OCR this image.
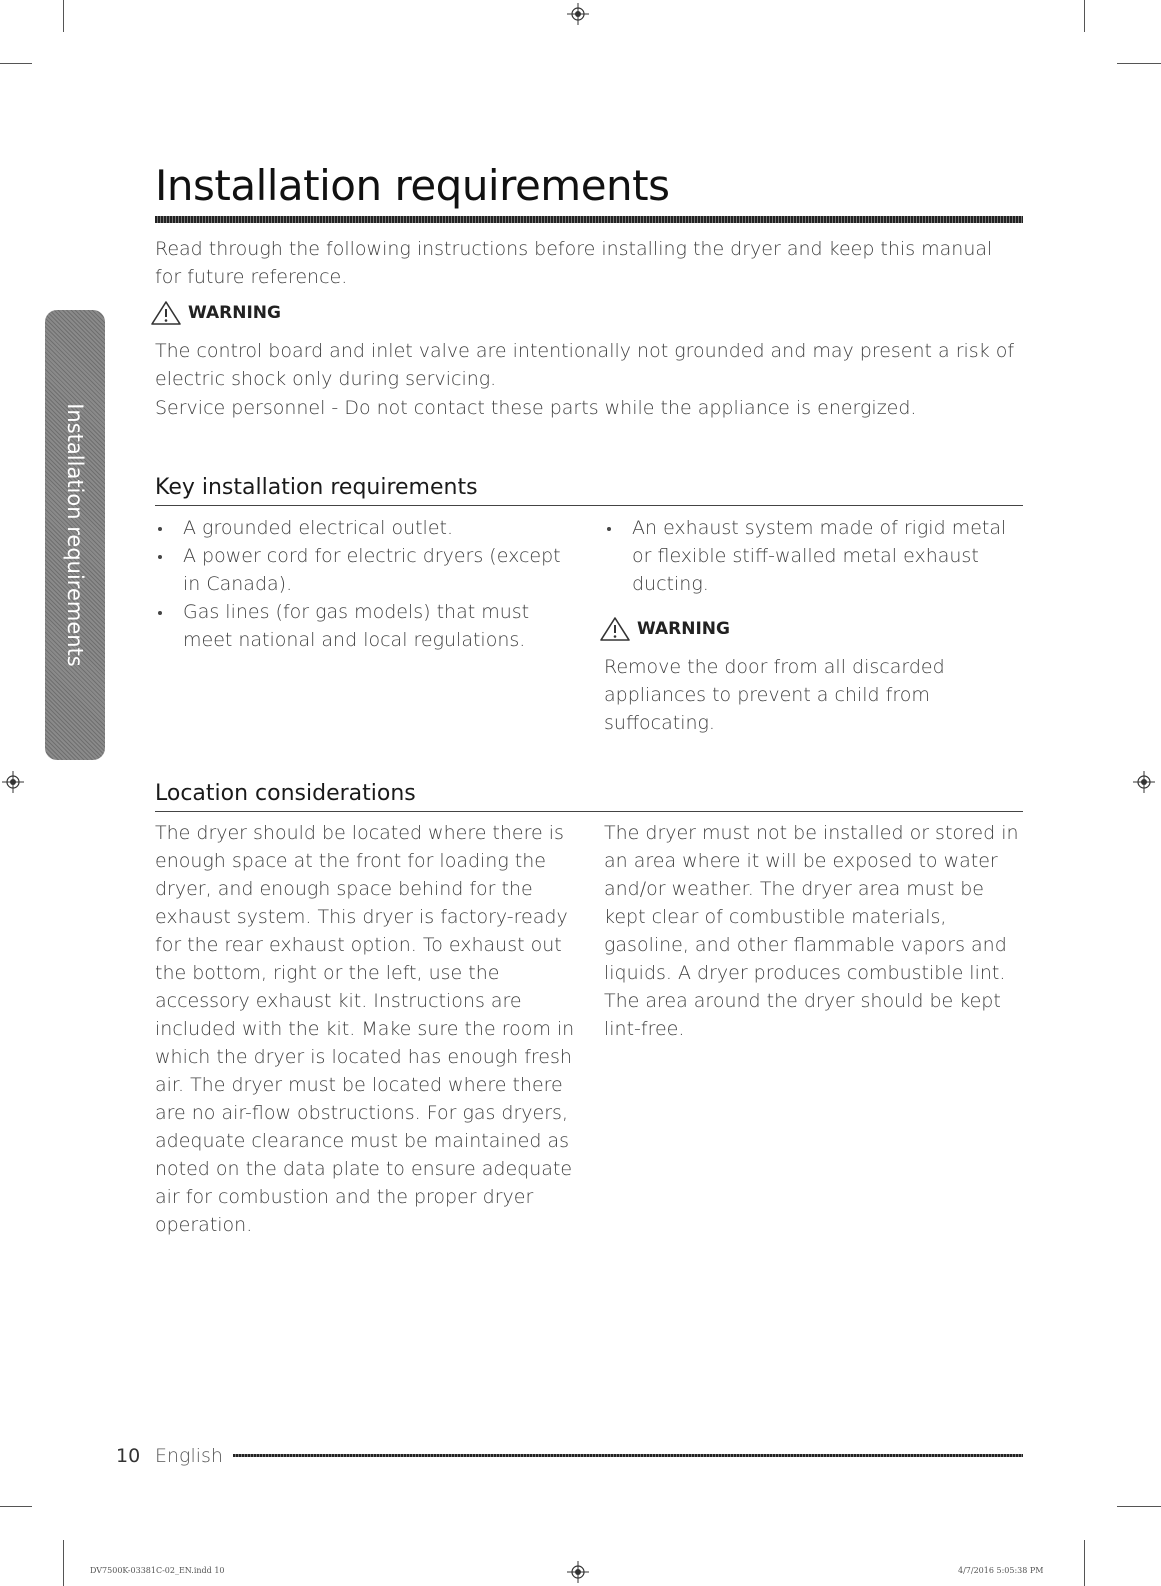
Installation requirements
Installation requirements

Read through the following instructions before installing the dryer and keep this manual for future reference.

WARNING

The control board and inlet valve are intentionally not grounded and may present a risk of electric shock only during servicing.

Service personnel - Do not contact these parts while the appliance is energized.

Key installation requirements
A grounded electrical outlet.
A power cord for electric dryers (except in Canada).
Gas lines (for gas models) that must meet national and local regulations.
An exhaust system made of rigid metal or flexible stiff-walled metal exhaust ducting.
WARNING

Remove the door from all discarded appliances to prevent a child from suffocating.

Location considerations

The dryer should be located where there is enough space at the front for loading the dryer, and enough space behind for the exhaust system. This dryer is factory-ready for the rear exhaust option. To exhaust out the bottom, right or the left, use the accessory exhaust kit. Instructions are included with the kit. Make sure the room in which the dryer is located has enough fresh air. The dryer must be located where there are no air-flow obstructions. For gas dryers, adequate clearance must be maintained as noted on the data plate to ensure adequate air for combustion and the proper dryer operation.

The dryer must not be installed or stored in an area where it will be exposed to water and/or weather. The dryer area must be kept clear of combustible materials, gasoline, and other flammable vapors and liquids. A dryer produces combustible lint. The area around the dryer should be kept lint-free.

10 English
DV7500K-03381C-02_EN.indd 10	4/7/2016 5:05:38 PM
